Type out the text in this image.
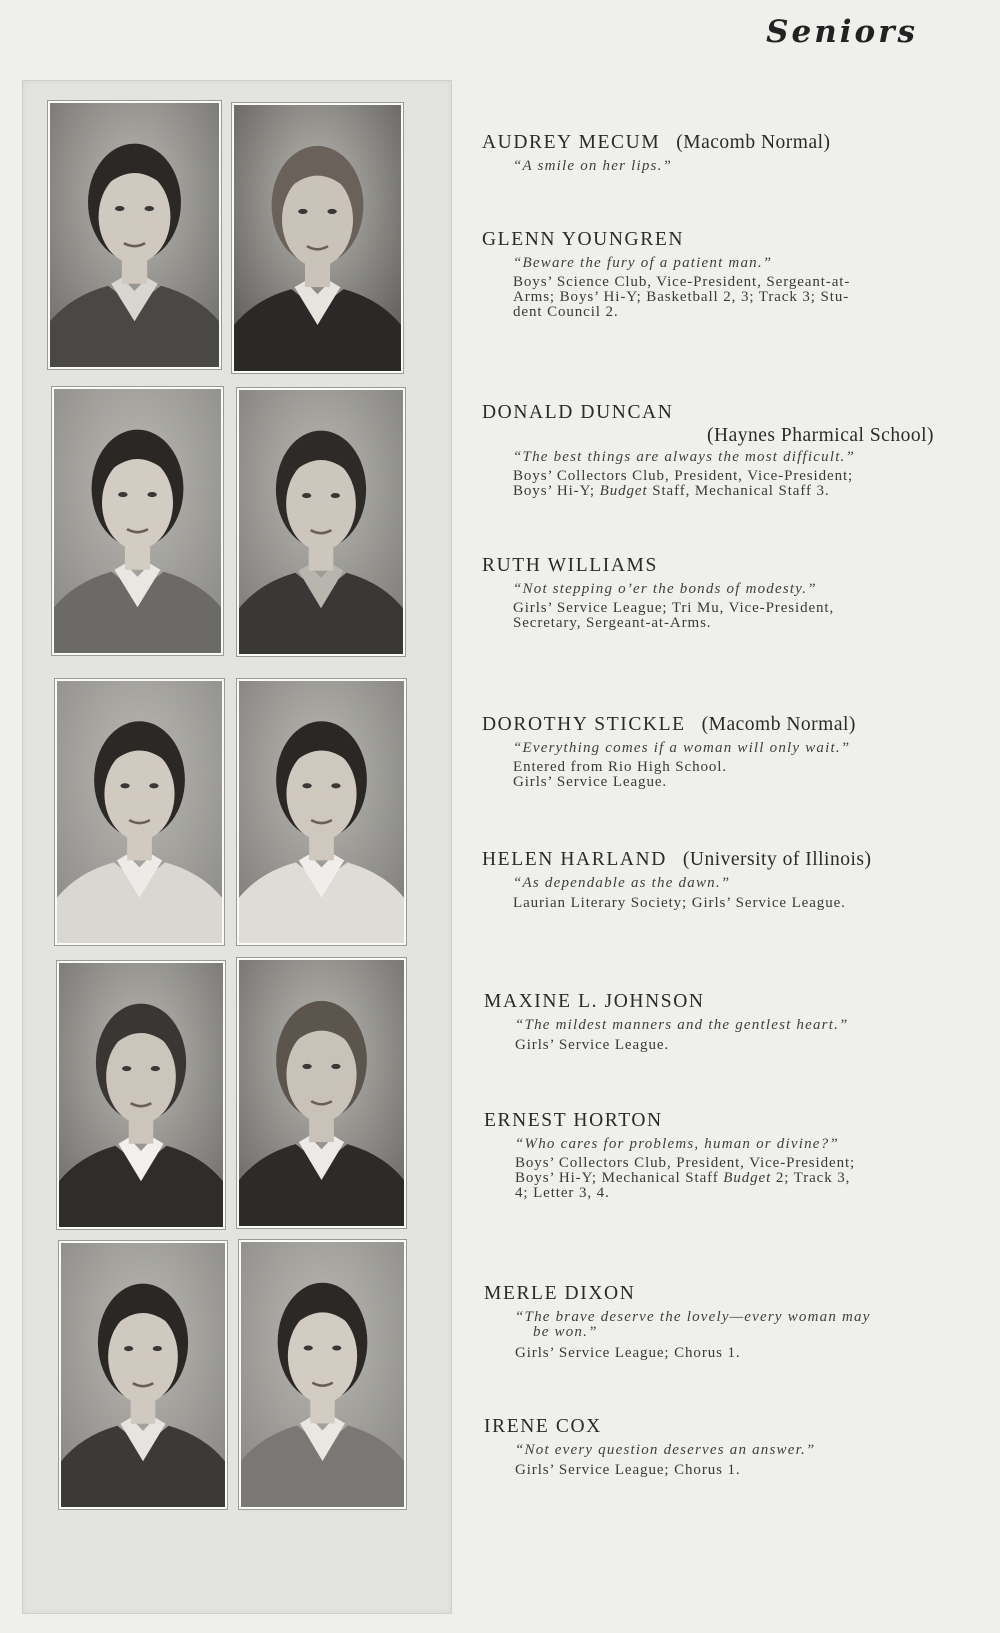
Seniors
AUDREY MECUM (Macomb Normal)
“A smile on her lips.”
GLENN YOUNGREN
“Beware the fury of a patient man.”
Boys’ Science Club, Vice-President, Sergeant-at-
Arms; Boys’ Hi-Y; Basketball 2, 3; Track 3; Stu-
dent Council 2.
DONALD DUNCAN
(Haynes Pharmical School)
“The best things are always the most difficult.”
Boys’ Collectors Club, President, Vice-President;
Boys’ Hi-Y; Budget Staff, Mechanical Staff 3.
RUTH WILLIAMS
“Not stepping o’er the bonds of modesty.”
Girls’ Service League; Tri Mu, Vice-President,
Secretary, Sergeant-at-Arms.
DOROTHY STICKLE (Macomb Normal)
“Everything comes if a woman will only wait.”
Entered from Rio High School.
Girls’ Service League.
HELEN HARLAND (University of Illinois)
“As dependable as the dawn.”
Laurian Literary Society; Girls’ Service League.
MAXINE L. JOHNSON
“The mildest manners and the gentlest heart.”
Girls’ Service League.
ERNEST HORTON
“Who cares for problems, human or divine?”
Boys’ Collectors Club, President, Vice-President;
Boys’ Hi-Y; Mechanical Staff Budget 2; Track 3,
4; Letter 3, 4.
MERLE DIXON
“The brave deserve the lovely—every woman may
be won.”
Girls’ Service League; Chorus 1.
IRENE COX
“Not every question deserves an answer.”
Girls’ Service League; Chorus 1.
